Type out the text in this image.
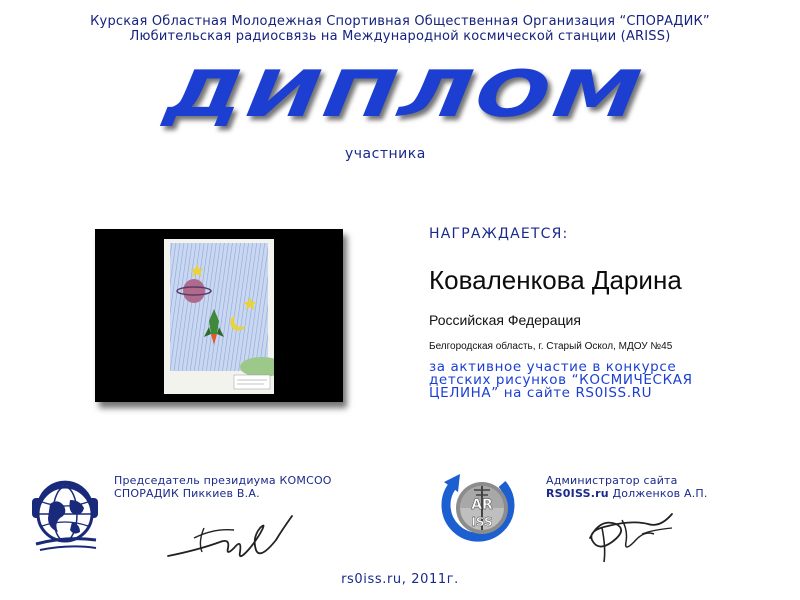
Курская Областная Молодежная Спортивная Общественная Организация “СПОРАДИК”
Любительская радиосвязь на Международной космической станции (ARISS)
ДИПЛОМ
участника
НАГРАЖДАЕТСЯ:
Коваленкова Дарина
Российская Федерация
Белгородская область, г. Старый Оскол, МДОУ №45
за активное участие в конкурсе
детских рисунков “КОСМИЧЕСКАЯ
ЦЕЛИНА” на сайте RS0ISS.RU
Председатель президиума КОМСОО
СПОРАДИК Пиккиев В.А.
AR
ISS
Администратор сайта
RS0ISS.ru Долженков А.П.
rs0iss.ru, 2011г.
